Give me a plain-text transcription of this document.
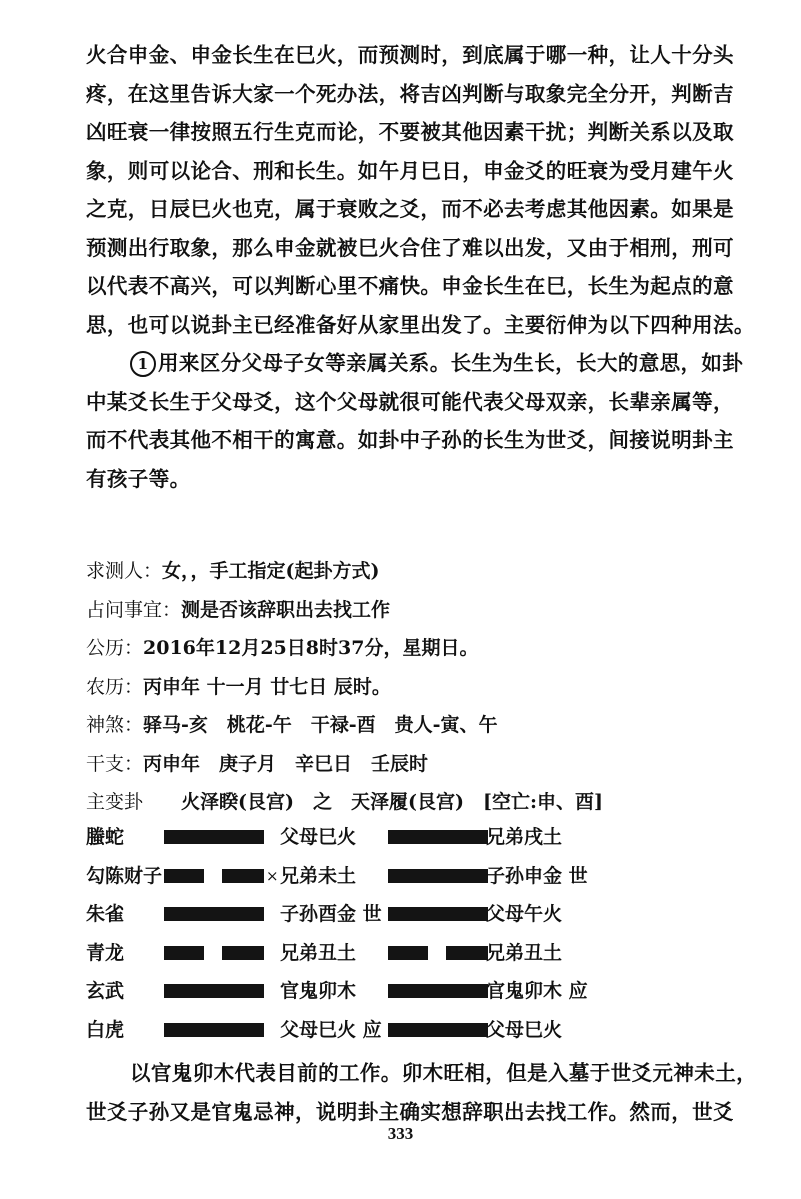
火合申金、申金长生在巳火，而预测时，到底属于哪一种，让人十分头
疼，在这里告诉大家一个死办法，将吉凶判断与取象完全分开，判断吉
凶旺衰一律按照五行生克而论，不要被其他因素干扰；判断关系以及取
象，则可以论合、刑和长生。如午月巳日，申金爻的旺衰为受月建午火
之克，日辰巳火也克，属于衰败之爻，而不必去考虑其他因素。如果是
预测出行取象，那么申金就被巳火合住了难以出发，又由于相刑，刑可
以代表不高兴，可以判断心里不痛快。申金长生在巳，长生为起点的意
思，也可以说卦主已经准备好从家里出发了。主要衍伸为以下四种用法。
1 用来区分父母子女等亲属关系。长生为生长，长大的意思，如卦
中某爻长生于父母爻，这个父母就很可能代表父母双亲，长辈亲属等，
而不代表其他不相干的寓意。如卦中子孙的长生为世爻，间接说明卦主
有孩子等。
求测人：女，，手工指定(起卦方式)
占问事宜：测是否该辞职出去找工作
公历：2016年12月25日8时37分，星期日。
农历：丙申年 十一月 廿七日 辰时。
神煞：驿马-亥　桃花-午　干禄-酉　贵人-寅、午
干支：丙申年　庚子月　辛巳日　壬辰时
主变卦　　火泽睽(艮宫)　之　天泽履(艮宫)　[空亡:申、酉]
螣蛇	父母巳火	兄弟戌土
勾陈财子	× 兄弟未土	子孙申金 世
朱雀	子孙酉金 世	父母午火
青龙	兄弟丑土	兄弟丑土
玄武	官鬼卯木	官鬼卯木 应
白虎	父母巳火 应	父母巳火
以官鬼卯木代表目前的工作。卯木旺相，但是入墓于世爻元神未土，
世爻子孙又是官鬼忌神，说明卦主确实想辞职出去找工作。然而，世爻
333
